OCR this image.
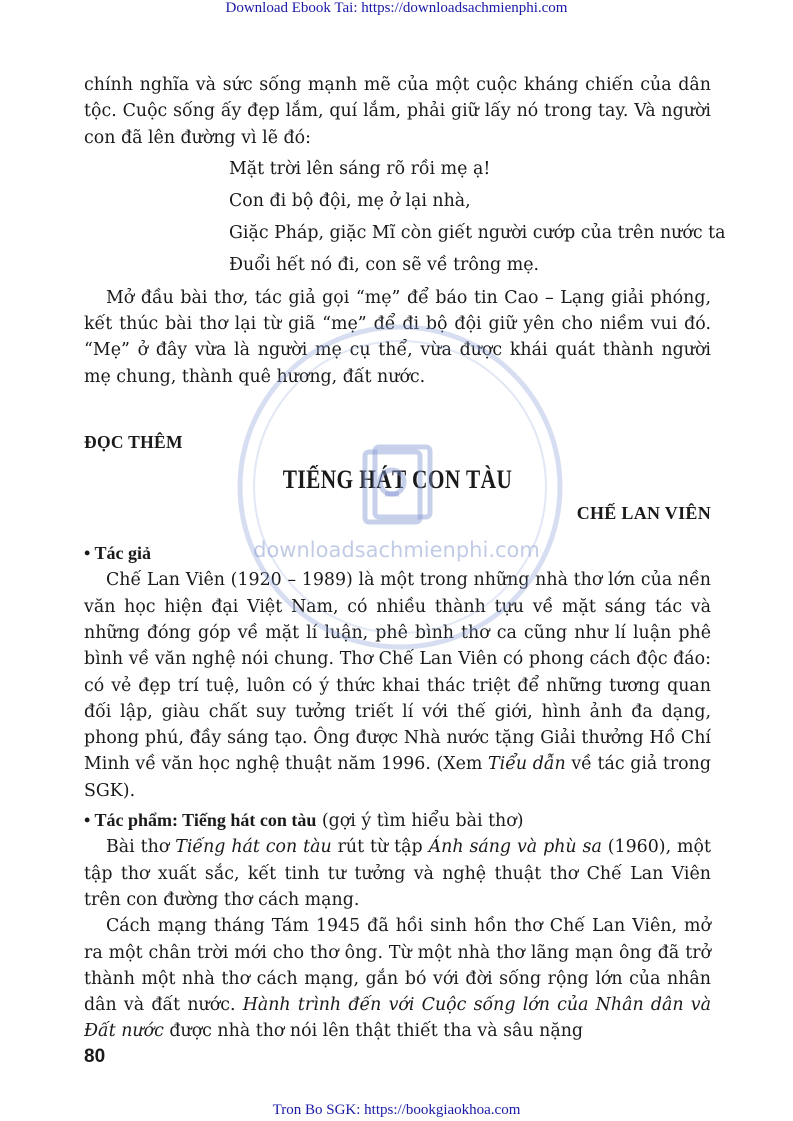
Download Ebook Tai: https://downloadsachmienphi.com

chính nghĩa và sức sống mạnh mẽ của một cuộc kháng chiến của dân tộc. Cuộc sống ấy đẹp lắm, quí lắm, phải giữ lấy nó trong tay. Và người con đã lên đường vì lẽ đó:

Mặt trời lên sáng rõ rồi mẹ ạ!
Con đi bộ đội, mẹ ở lại nhà,
Giặc Pháp, giặc Mĩ còn giết người cướp của trên nước ta
Đuổi hết nó đi, con sẽ về trông mẹ.

Mở đầu bài thơ, tác giả gọi “mẹ” để báo tin Cao – Lạng giải phóng, kết thúc bài thơ lại từ giã “mẹ” để đi bộ đội giữ yên cho niềm vui đó. “Mẹ” ở đây vừa là người mẹ cụ thể, vừa được khái quát thành người mẹ chung, thành quê hương, đất nước.

ĐỌC THÊM
TIẾNG HÁT CON TÀU
CHẾ LAN VIÊN
• Tác giả

Chế Lan Viên (1920 – 1989) là một trong những nhà thơ lớn của nền văn học hiện đại Việt Nam, có nhiều thành tựu về mặt sáng tác và những đóng góp về mặt lí luận, phê bình thơ ca cũng như lí luận phê bình về văn nghệ nói chung. Thơ Chế Lan Viên có phong cách độc đáo: có vẻ đẹp trí tuệ, luôn có ý thức khai thác triệt để những tương quan đối lập, giàu chất suy tưởng triết lí với thế giới, hình ảnh đa dạng, phong phú, đầy sáng tạo. Ông được Nhà nước tặng Giải thưởng Hồ Chí Minh về văn học nghệ thuật năm 1996. (Xem Tiểu dẫn về tác giả trong SGK).

• Tác phẩm: Tiếng hát con tàu (gợi ý tìm hiểu bài thơ)

Bài thơ Tiếng hát con tàu rút từ tập Ánh sáng và phù sa (1960), một tập thơ xuất sắc, kết tinh tư tưởng và nghệ thuật thơ Chế Lan Viên trên con đường thơ cách mạng.

Cách mạng tháng Tám 1945 đã hồi sinh hồn thơ Chế Lan Viên, mở ra một chân trời mới cho thơ ông. Từ một nhà thơ lãng mạn ông đã trở thành một nhà thơ cách mạng, gắn bó với đời sống rộng lớn của nhân dân và đất nước. Hành trình đến với Cuộc sống lớn của Nhân dân và Đất nước được nhà thơ nói lên thật thiết tha và sâu nặng

downloadsachmienphi.com
80
Tron Bo SGK: https://bookgiaokhoa.com
